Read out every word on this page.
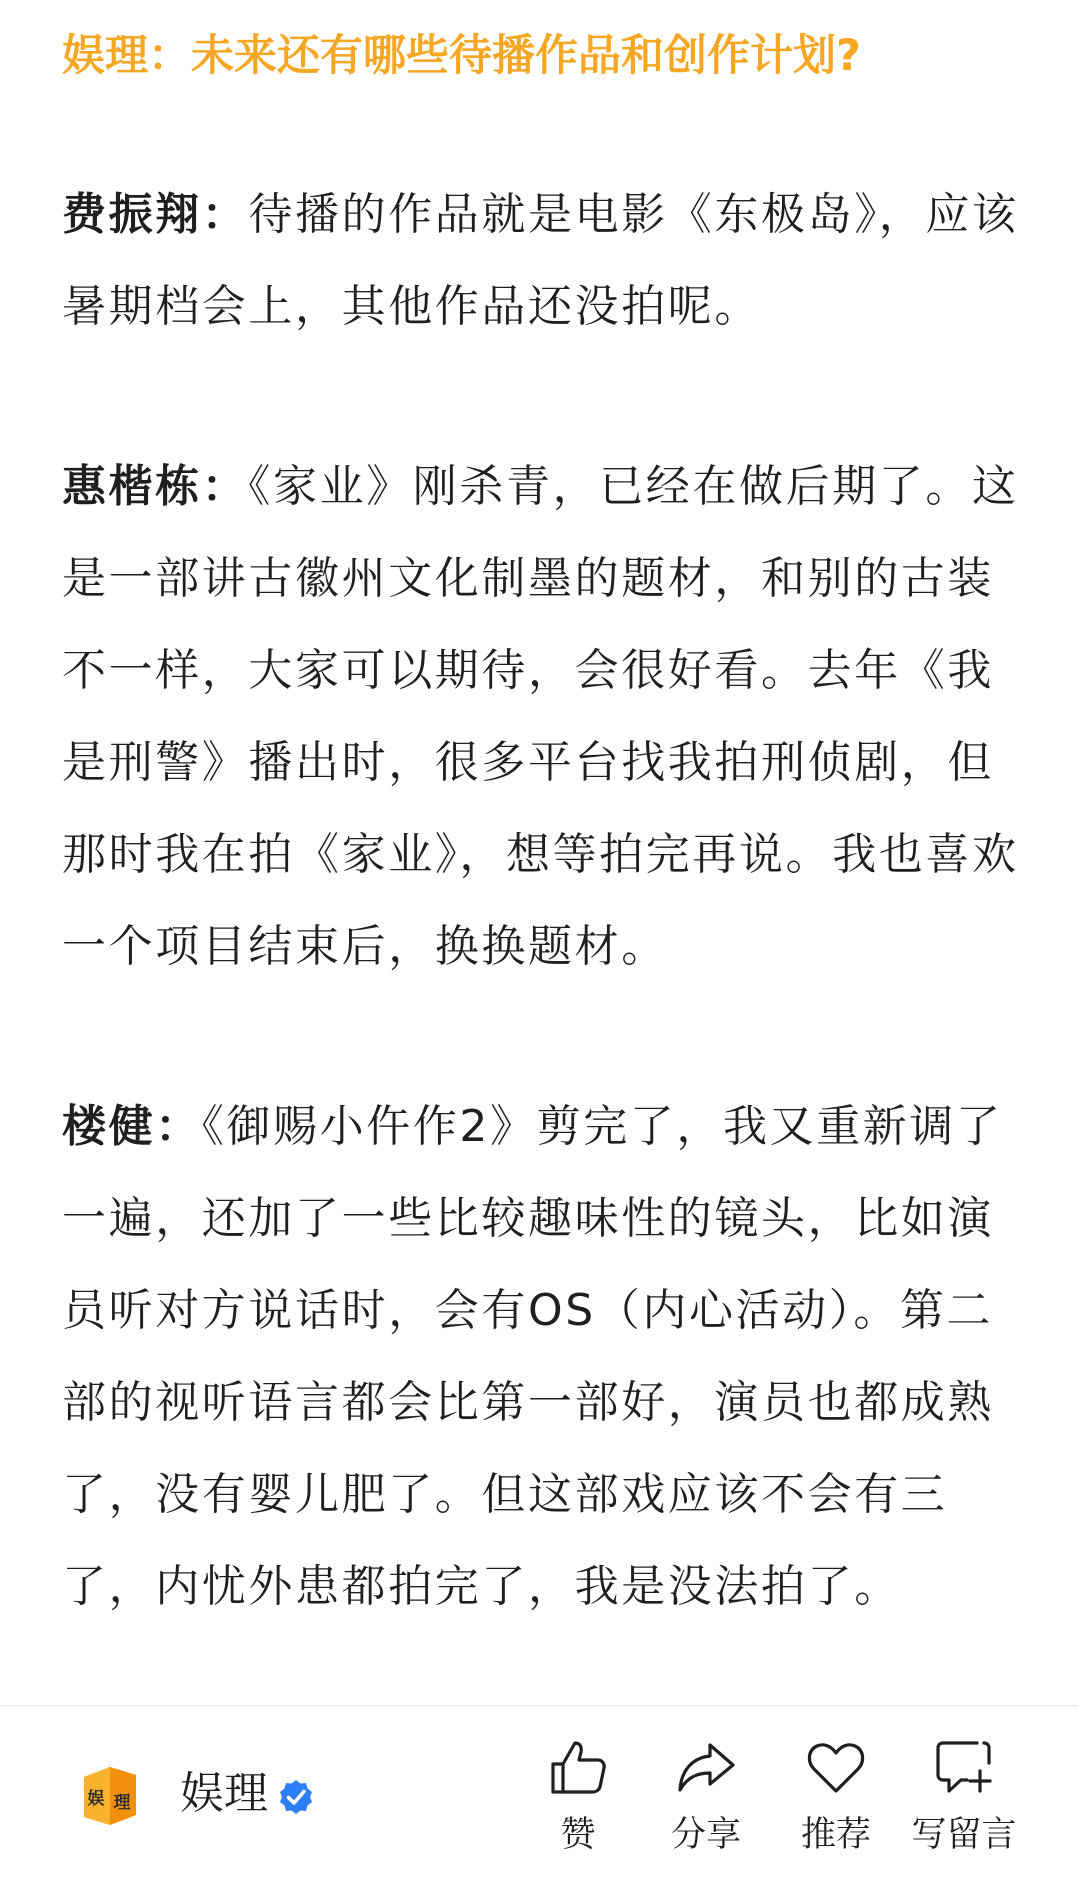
娱理：未来还有哪些待播作品和创作计划?

费振翔：待播的作品就是电影《东极岛》，应该暑期档会上，其他作品还没拍呢。

惠楷栋：《家业》刚杀青，已经在做后期了。这是一部讲古徽州文化制墨的题材，和别的古装不一样，大家可以期待，会很好看。去年《我是刑警》播出时，很多平台找我拍刑侦剧，但那时我在拍《家业》，想等拍完再说。我也喜欢一个项目结束后，换换题材。

楼健：《御赐小仵作2》剪完了，我又重新调了一遍，还加了一些比较趣味性的镜头，比如演员听对方说话时，会有OS（内心活动）。第二部的视听语言都会比第一部好，演员也都成熟了，没有婴儿肥了。但这部戏应该不会有三了，内忧外患都拍完了，我是没法拍了。

娱 理 娱理
赞	分享	推荐	写留言
